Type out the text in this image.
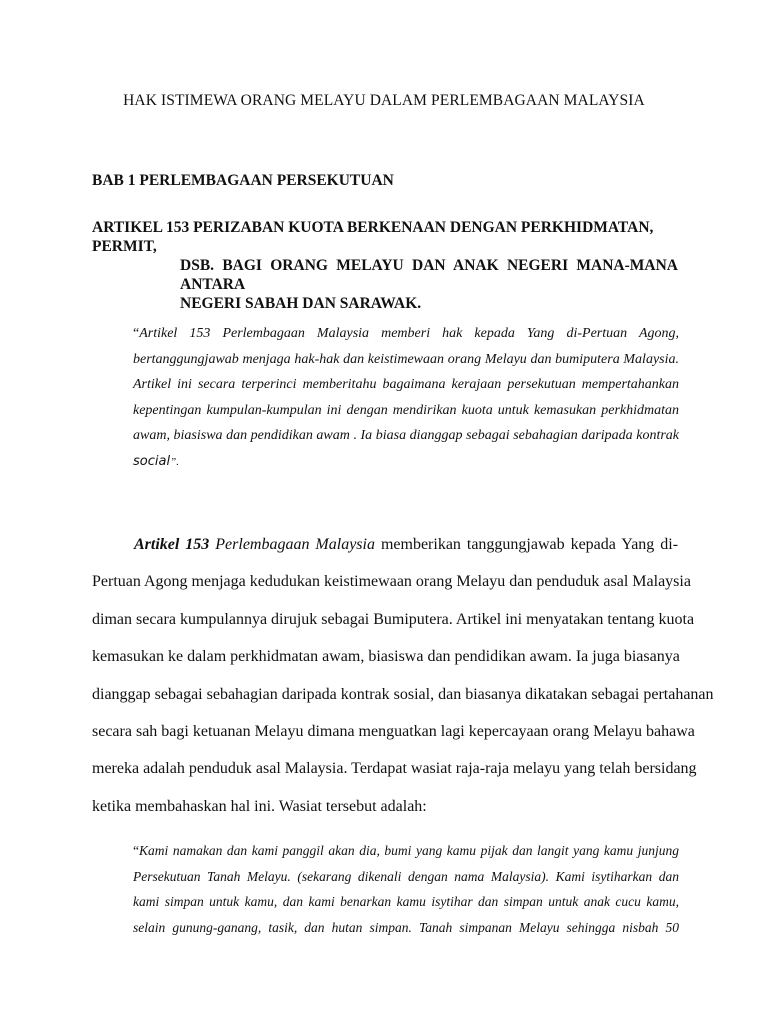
HAK ISTIMEWA ORANG MELAYU DALAM PERLEMBAGAAN MALAYSIA
BAB 1 PERLEMBAGAAN PERSEKUTUAN
ARTIKEL 153 PERIZABAN KUOTA BERKENAAN DENGAN PERKHIDMATAN, PERMIT,
DSB. BAGI ORANG MELAYU DAN ANAK NEGERI MANA-MANA ANTARA
NEGERI SABAH DAN SARAWAK.
“Artikel 153 Perlembagaan Malaysia memberi hak kepada Yang di-Pertuan Agong,
bertanggungjawab menjaga hak-hak dan keistimewaan orang Melayu dan bumiputera Malaysia.
Artikel ini secara terperinci memberitahu bagaimana kerajaan persekutuan mempertahankan
kepentingan kumpulan-kumpulan ini dengan mendirikan kuota untuk kemasukan perkhidmatan
awam, biasiswa dan pendidikan awam . Ia biasa dianggap sebagai sebahagian daripada kontrak
social”.
Artikel 153 Perlembagaan Malaysia memberikan tanggungjawab kepada Yang di-
Pertuan Agong menjaga kedudukan keistimewaan orang Melayu dan penduduk asal Malaysia
diman secara kumpulannya dirujuk sebagai Bumiputera. Artikel ini menyatakan tentang kuota
kemasukan ke dalam perkhidmatan awam, biasiswa dan pendidikan awam. Ia juga biasanya
dianggap sebagai sebahagian daripada kontrak sosial, dan biasanya dikatakan sebagai pertahanan
secara sah bagi ketuanan Melayu dimana menguatkan lagi kepercayaan orang Melayu bahawa
mereka adalah penduduk asal Malaysia. Terdapat wasiat raja-raja melayu yang telah bersidang
ketika membahaskan hal ini. Wasiat tersebut adalah:
“Kami namakan dan kami panggil akan dia, bumi yang kamu pijak dan langit yang kamu junjung
Persekutuan Tanah Melayu. (sekarang dikenali dengan nama Malaysia). Kami isytiharkan dan
kami simpan untuk kamu, dan kami benarkan kamu isytihar dan simpan untuk anak cucu kamu,
selain gunung-ganang, tasik, dan hutan simpan. Tanah simpanan Melayu sehingga nisbah 50
